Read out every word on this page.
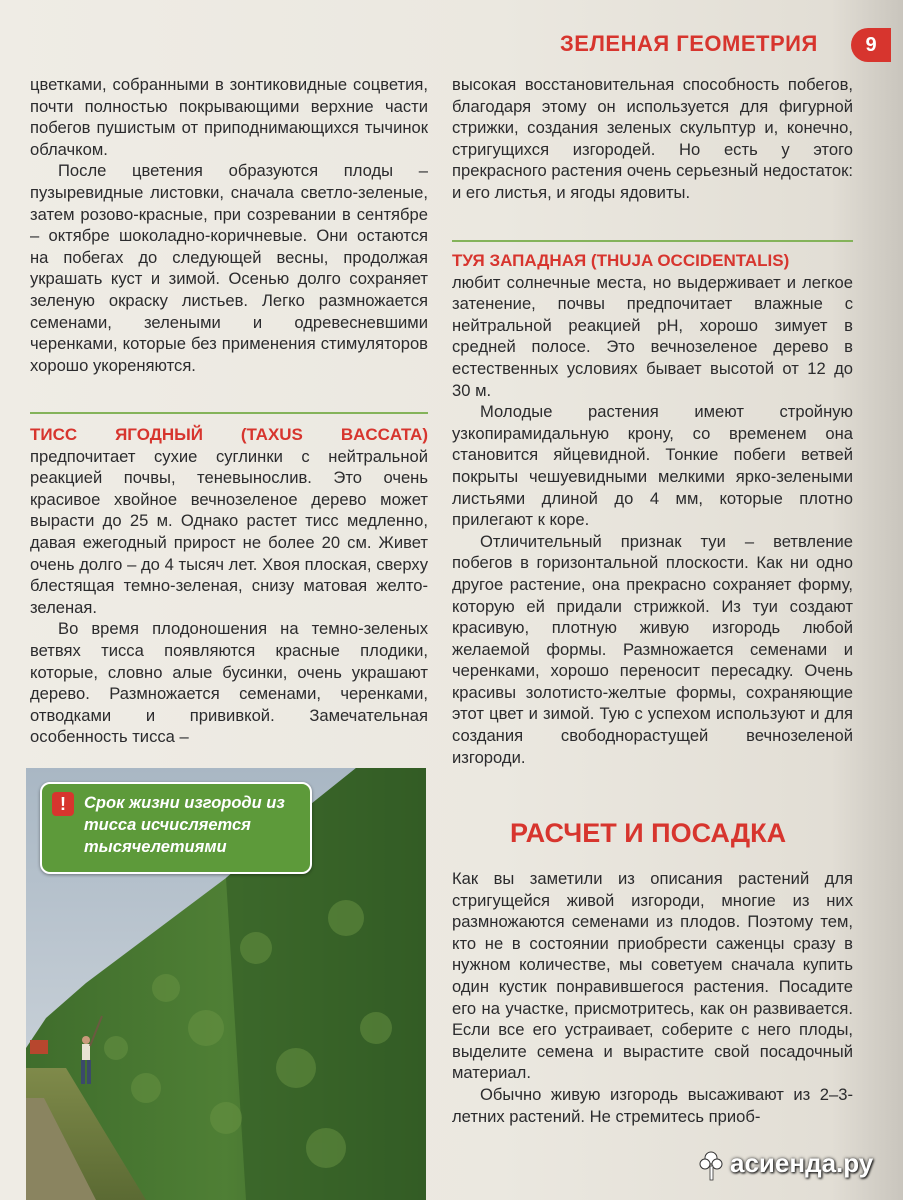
ЗЕЛЕНАЯ ГЕОМЕТРИЯ	9

цветками, собранными в зонтиковидные соцветия, почти полностью покрывающими верхние части побегов пушистым от приподнимающихся тычинок облачком.

После цветения образуются плоды – пузыревидные листовки, сначала светло-зеленые, затем розово-красные, при созревании в сентябре – октябре шоколадно-коричневые. Они остаются на побегах до следующей весны, продолжая украшать куст и зимой. Осенью долго сохраняет зеленую окраску листьев. Легко размножается семенами, зелеными и одревесневшими черенками, которые без применения стимуляторов хорошо укореняются.

ТИСС ЯГОДНЫЙ (TAXUS BACCATA) предпочитает сухие суглинки с нейтральной реакцией почвы, теневынослив. Это очень красивое хвойное вечнозеленое дерево может вырасти до 25 м. Однако растет тисс медленно, давая ежегодный прирост не более 20 см. Живет очень долго – до 4 тысяч лет. Хвоя плоская, сверху блестящая темно-зеленая, снизу матовая желто-зеленая.

Во время плодоношения на темно-зеленых ветвях тисса появляются красные плодики, которые, словно алые бусинки, очень украшают дерево. Размножается семенами, черенками, отводками и прививкой. Замечательная особенность тисса –

!	Срок жизни изгороди из тисса исчисляется тысячелетиями

высокая восстановительная способность побегов, благодаря этому он используется для фигурной стрижки, создания зеленых скульптур и, конечно, стригущихся изгородей. Но есть у этого прекрасного растения очень серьезный недостаток: и его листья, и ягоды ядовиты.

ТУЯ ЗАПАДНАЯ (THUJA OCCIDENTALIS)

любит солнечные места, но выдерживает и легкое затенение, почвы предпочитает влажные с нейтральной реакцией рН, хорошо зимует в средней полосе. Это вечнозеленое дерево в естественных условиях бывает высотой от 12 до 30 м.

Молодые растения имеют стройную узкопирамидальную крону, со временем она становится яйцевидной. Тонкие побеги ветвей покрыты чешуевидными мелкими ярко-зелеными листьями длиной до 4 мм, которые плотно прилегают к коре.

Отличительный признак туи – ветвление побегов в горизонтальной плоскости. Как ни одно другое растение, она прекрасно сохраняет форму, которую ей придали стрижкой. Из туи создают красивую, плотную живую изгородь любой желаемой формы. Размножается семенами и черенками, хорошо переносит пересадку. Очень красивы золотисто-желтые формы, сохраняющие этот цвет и зимой. Тую с успехом используют и для создания свободнорастущей вечнозеленой изгороди.

РАСЧЕТ И ПОСАДКА

Как вы заметили из описания растений для стригущейся живой изгороди, многие из них размножаются семенами из плодов. Поэтому тем, кто не в состоянии приобрести саженцы сразу в нужном количестве, мы советуем сначала купить один кустик понравившегося растения. Посадите его на участке, присмотритесь, как он развивается. Если все его устраивает, соберите с него плоды, выделите семена и вырастите свой посадочный материал.

Обычно живую изгородь высаживают из 2–3-летних растений. Не стремитесь приоб-

асиенда.ру
